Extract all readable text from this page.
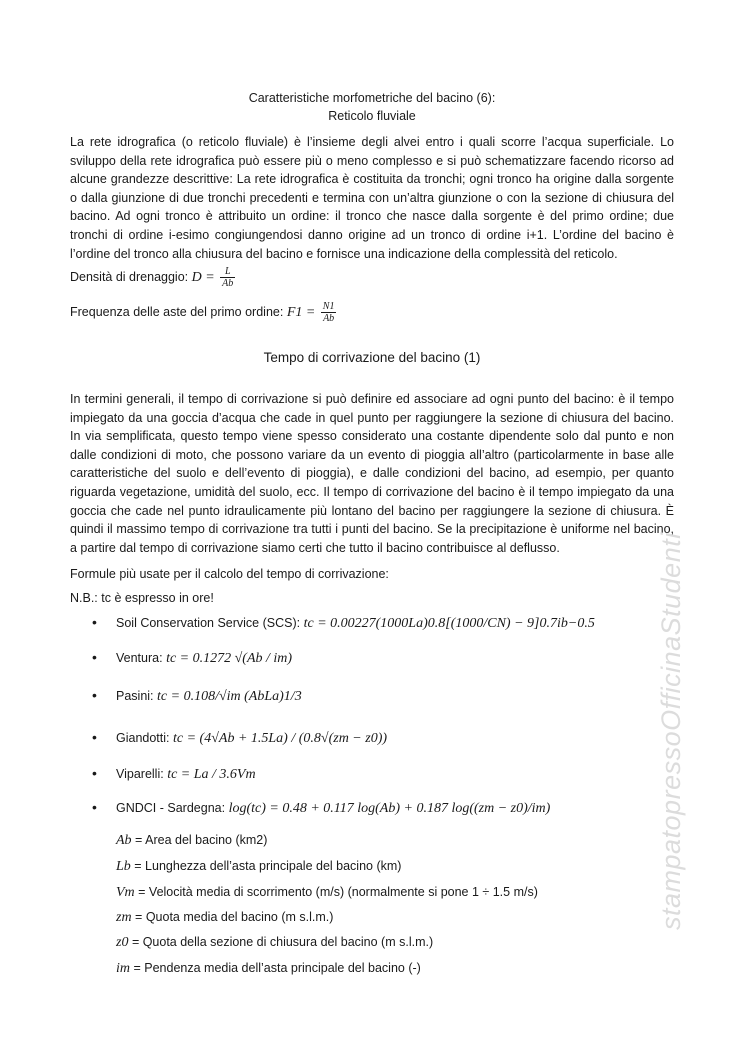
Caratteristiche morfometriche del bacino (6):
Reticolo fluviale

La rete idrografica (o reticolo fluviale) è l’insieme degli alvei entro i quali scorre l’acqua superficiale. Lo sviluppo della rete idrografica può essere più o meno complesso e si può schematizzare facendo ricorso ad alcune grandezze descrittive: La rete idrografica è costituita da tronchi; ogni tronco ha origine dalla sorgente o dalla giunzione di due tronchi precedenti e termina con un’altra giunzione o con la sezione di chiusura del bacino. Ad ogni tronco è attribuito un ordine: il tronco che nasce dalla sorgente è del primo ordine; due tronchi di ordine i-esimo congiungendosi danno origine ad un tronco di ordine i+1. L’ordine del bacino è l’ordine del tronco alla chiusura del bacino e fornisce una indicazione della complessità del reticolo.

Densità di drenaggio: $D = \frac{L}{Ab}$
Frequenza delle aste del primo ordine: $F1 = \frac{N1}{Ab}$
Tempo di corrivazione del bacino (1)

In termini generali, il tempo di corrivazione si può definire ed associare ad ogni punto del bacino: è il tempo impiegato da una goccia d’acqua che cade in quel punto per raggiungere la sezione di chiusura del bacino. In via semplificata, questo tempo viene spesso considerato una costante dipendente solo dal punto e non dalle condizioni di moto, che possono variare da un evento di pioggia all’altro (particolarmente in base alle caratteristiche del suolo e dell’evento di pioggia), e dalle condizioni del bacino, ad esempio, per quanto riguarda vegetazione, umidità del suolo, ecc. Il tempo di corrivazione del bacino è il tempo impiegato da una goccia che cade nel punto idraulicamente più lontano del bacino per raggiungere la sezione di chiusura. È quindi il massimo tempo di corrivazione tra tutti i punti del bacino. Se la precipitazione è uniforme nel bacino, a partire dal tempo di corrivazione siamo certi che tutto il bacino contribuisce al deflusso.

Formule più usate per il calcolo del tempo di corrivazione:
N.B.: tc è espresso in ore!
• Soil Conservation Service (SCS): tc = 0.00227(1000La)0.8[(1000/CN) − 9]0.7ib−0.5
• Ventura: tc = 0.1272 √(Ab / im)
• Pasini: tc = 0.108/√im (AbLa)1/3
• Giandotti: tc = (4√Ab + 1.5La) / (0.8√(zm − z0))
• Viparelli: tc = La / 3.6Vm
• GNDCI - Sardegna: log(tc) = 0.48 + 0.117 log(Ab) + 0.187 log((zm − z0)/im)
Ab = Area del bacino (km2)
Lb = Lunghezza dell’asta principale del bacino (km)
Vm = Velocità media di scorrimento (m/s) (normalmente si pone 1 ÷ 1.5 m/s)
zm = Quota media del bacino (m s.l.m.)
z0 = Quota della sezione di chiusura del bacino (m s.l.m.)
im = Pendenza media dell’asta principale del bacino (-)
stampatopressoOfficinaStudenti
